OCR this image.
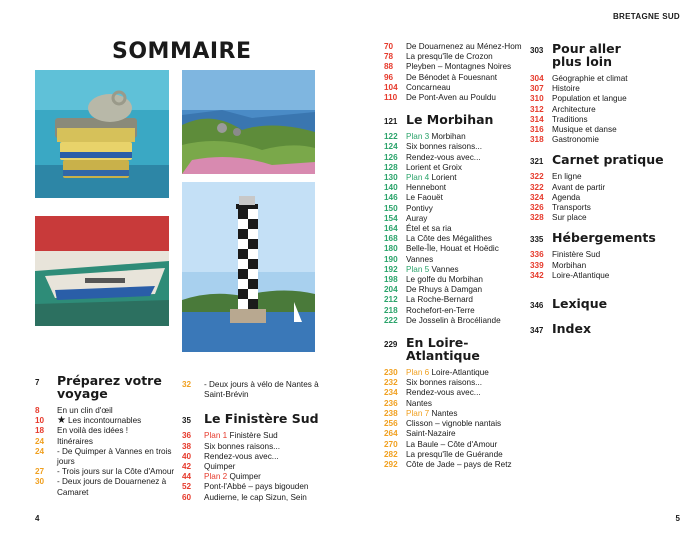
BRETAGNE SUD
SOMMAIRE
7	Préparez votre voyage
8	En un clin d'œil
10	★ Les incontournables
18	En voilà des idées !
24	Itinéraires
24	- De Quimper à Vannes en trois jours
27	- Trois jours sur la Côte d'Amour
30	- Deux jours de Douarnenez à Camaret
32	- Deux jours à vélo de Nantes à Saint-Brévin
35	Le Finistère Sud
36	Plan 1 Finistère Sud
38	Six bonnes raisons...
40	Rendez-vous avec...
42	Quimper
44	Plan 2 Quimper
52	Pont-l'Abbé – pays bigouden
60	Audierne, le cap Sizun, Sein
70	De Douarnenez au Ménez-Hom
78	La presqu'île de Crozon
88	Pleyben – Montagnes Noires
96	De Bénodet à Fouesnant
104	Concarneau
110	De Pont-Aven au Pouldu
121 Le Morbihan
122	Plan 3 Morbihan
124	Six bonnes raisons...
126	Rendez-vous avec...
128	Lorient et Groix
130	Plan 4 Lorient
140	Hennebont
146	Le Faouët
150	Pontivy
154	Auray
164	Étel et sa ria
168	La Côte des Mégalithes
180	Belle-Île, Houat et Hoëdic
190	Vannes
192	Plan 5 Vannes
198	Le golfe du Morbihan
204	De Rhuys à Damgan
212	La Roche-Bernard
218	Rochefort-en-Terre
222	De Josselin à Brocéliande
229 En Loire-Atlantique
230	Plan 6 Loire-Atlantique
232	Six bonnes raisons...
234	Rendez-vous avec...
236	Nantes
238	Plan 7 Nantes
256	Clisson – vignoble nantais
264	Saint-Nazaire
270	La Baule – Côte d'Amour
282	La presqu'île de Guérande
292	Côte de Jade – pays de Retz
303 Pour aller plus loin
304	Géographie et climat
307	Histoire
310	Population et langue
312	Architecture
314	Traditions
316	Musique et danse
318	Gastronomie
321 Carnet pratique
322	En ligne
322	Avant de partir
324	Agenda
326	Transports
328	Sur place
335 Hébergements
336	Finistère Sud
339	Morbihan
342	Loire-Atlantique
346 Lexique
347 Index
4	5
